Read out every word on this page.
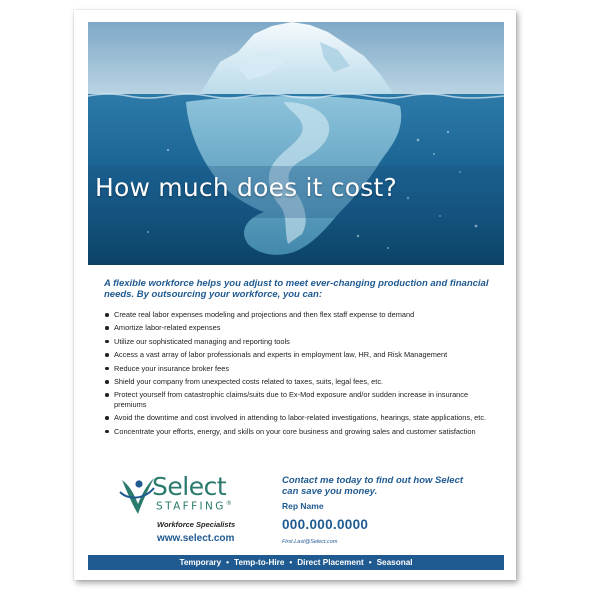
How much does it cost?

A flexible workforce helps you adjust to meet ever-changing production and financial needs. By outsourcing your workforce, you can:

Create real labor expenses modeling and projections and then flex staff expense to demand
Amortize labor-related expenses
Utilize our sophisticated managing and reporting tools
Access a vast array of labor professionals and experts in employment law, HR, and Risk Management
Reduce your insurance broker fees
Shield your company from unexpected costs related to taxes, suits, legal fees, etc.
Protect yourself from catastrophic claims/suits due to Ex-Mod exposure and/or sudden increase in insurance premiums
Avoid the downtime and cost involved in attending to labor-related investigations, hearings, state applications, etc.
Concentrate your efforts, energy, and skills on your core business and growing sales and customer satisfaction
Select
STAFFING®
Workforce Specialists
www.select.com

Contact me today to find out how Select can save you money.

Rep Name
000.000.0000
First.Last@Select.com
Temporary • Temp-to-Hire • Direct Placement • Seasonal
